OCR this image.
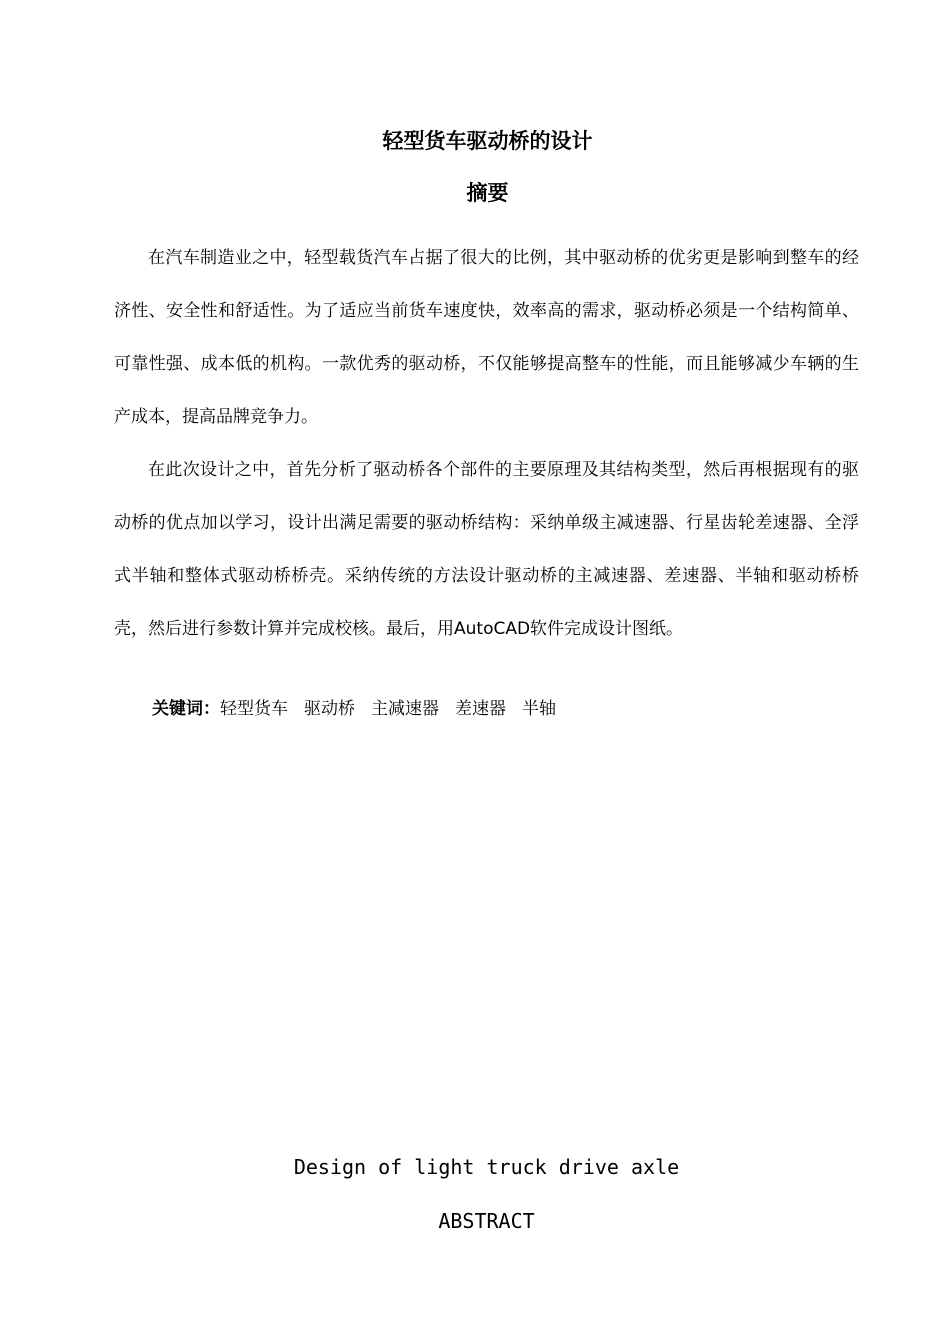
轻型货车驱动桥的设计
摘要

在汽车制造业之中，轻型载货汽车占据了很大的比例，其中驱动桥的优劣更是影响到整车的经济性、安全性和舒适性。为了适应当前货车速度快，效率高的需求，驱动桥必须是一个结构简单、可靠性强、成本低的机构。一款优秀的驱动桥，不仅能够提高整车的性能，而且能够减少车辆的生产成本，提高品牌竞争力。

在此次设计之中，首先分析了驱动桥各个部件的主要原理及其结构类型，然后再根据现有的驱动桥的优点加以学习，设计出满足需要的驱动桥结构：采纳单级主减速器、行星齿轮差速器、全浮式半轴和整体式驱动桥桥壳。采纳传统的方法设计驱动桥的主减速器、差速器、半轴和驱动桥桥壳，然后进行参数计算并完成校核。最后，用AutoCAD软件完成设计图纸。

关键词：轻型货车 驱动桥 主减速器 差速器 半轴
Design of light truck drive axle
ABSTRACT
